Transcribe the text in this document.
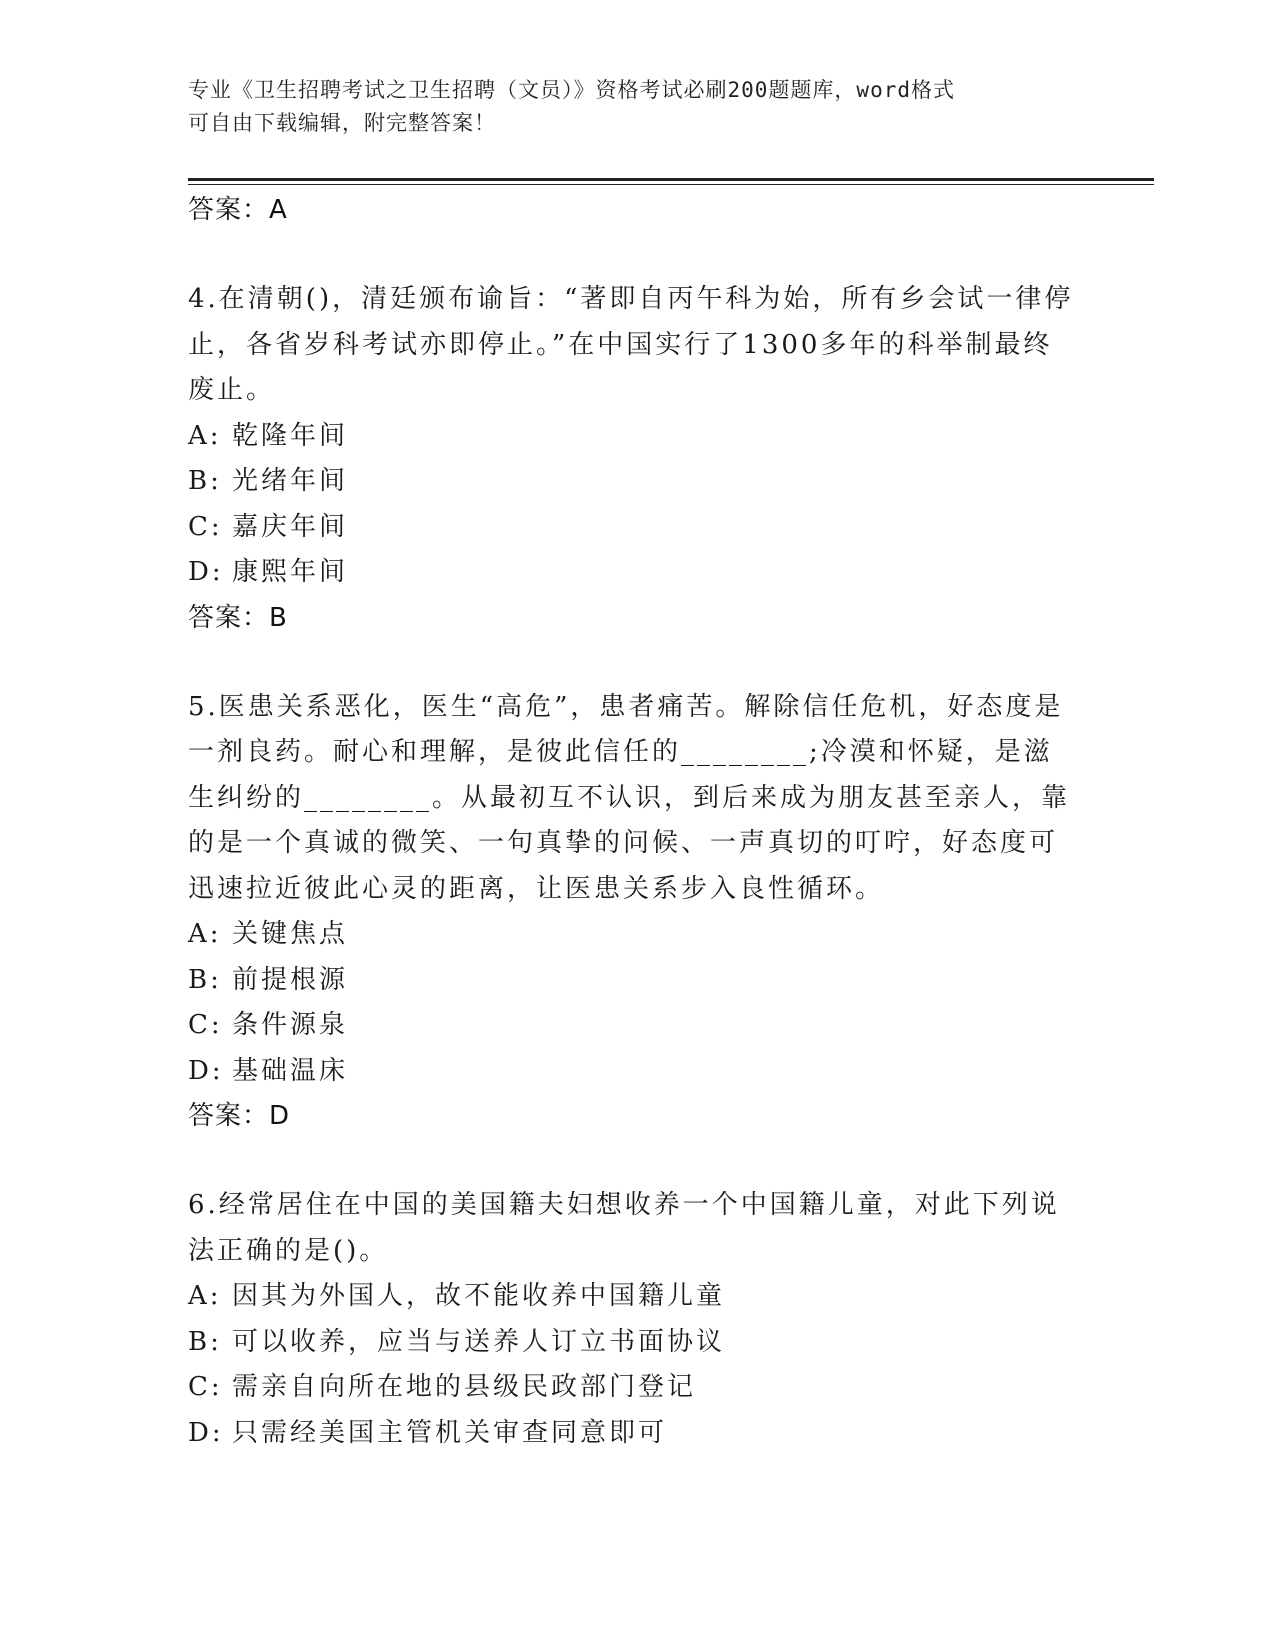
专业《卫生招聘考试之卫生招聘（文员）》资格考试必刷200题题库，word格式
可自由下载编辑，附完整答案！
答案：A
4.在清朝()，清廷颁布谕旨：“著即自丙午科为始，所有乡会试一律停止，各省岁科考试亦即停止。”在中国实行了1300多年的科举制最终废止。
A: 乾隆年间
B: 光绪年间
C: 嘉庆年间
D: 康熙年间
答案：B
5.医患关系恶化，医生“高危”，患者痛苦。解除信任危机，好态度是一剂良药。耐心和理解，是彼此信任的________;冷漠和怀疑，是滋生纠纷的________。从最初互不认识，到后来成为朋友甚至亲人，靠的是一个真诚的微笑、一句真挚的问候、一声真切的叮咛，好态度可迅速拉近彼此心灵的距离，让医患关系步入良性循环。
A: 关键焦点
B: 前提根源
C: 条件源泉
D: 基础温床
答案：D
6.经常居住在中国的美国籍夫妇想收养一个中国籍儿童，对此下列说法正确的是()。
A: 因其为外国人，故不能收养中国籍儿童
B: 可以收养，应当与送养人订立书面协议
C: 需亲自向所在地的县级民政部门登记
D: 只需经美国主管机关审查同意即可
